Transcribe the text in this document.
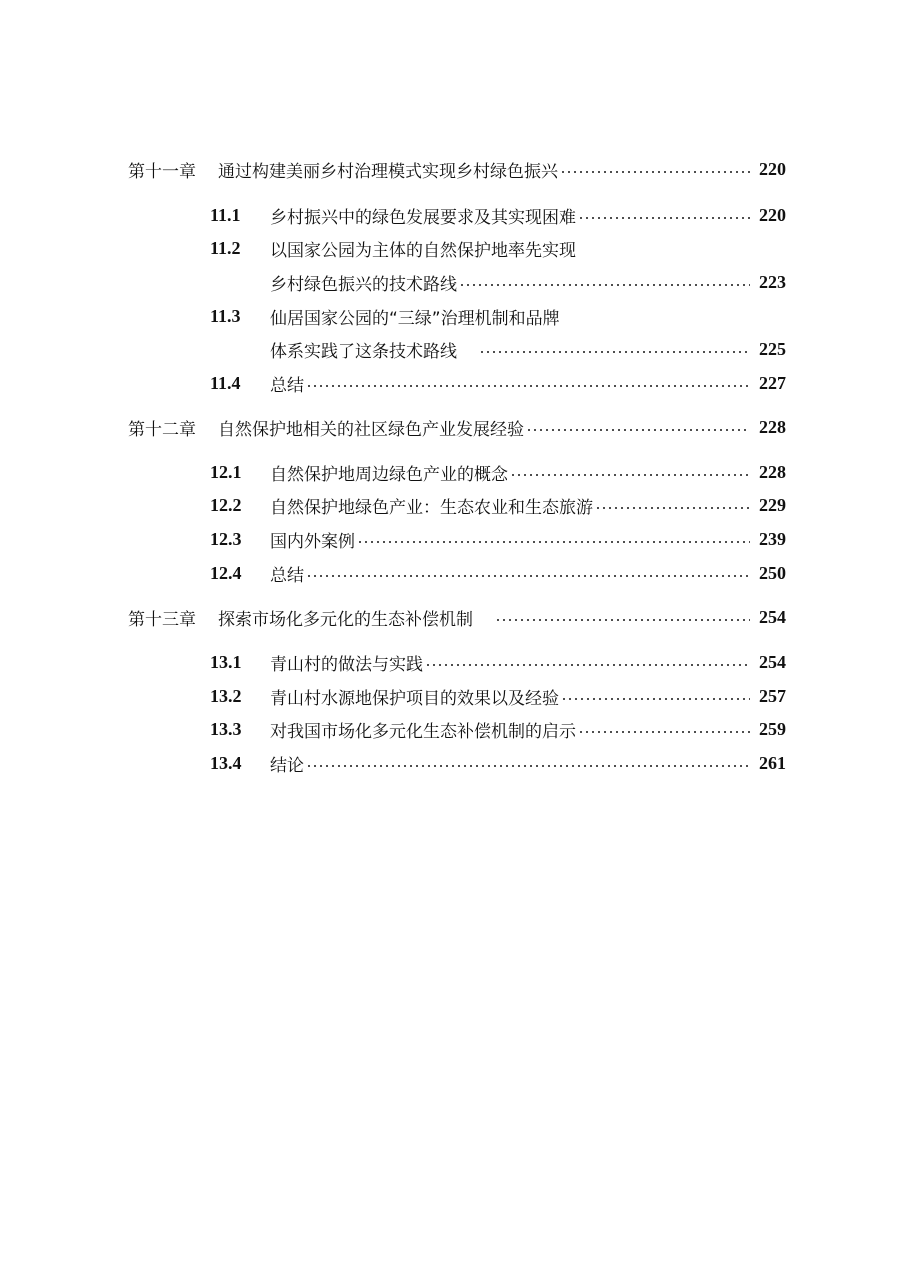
第十一章 通过构建美丽乡村治理模式实现乡村绿色振兴	220
11.1	乡村振兴中的绿色发展要求及其实现困难	220
11.2	以国家公园为主体的自然保护地率先实现
乡村绿色振兴的技术路线	223
11.3	仙居国家公园的“三绿”治理机制和品牌
体系实践了这条技术路线	225
11.4	总结	227
第十二章 自然保护地相关的社区绿色产业发展经验	228
12.1	自然保护地周边绿色产业的概念	228
12.2	自然保护地绿色产业：生态农业和生态旅游	229
12.3	国内外案例	239
12.4	总结	250
第十三章 探索市场化多元化的生态补偿机制	254
13.1	青山村的做法与实践	254
13.2	青山村水源地保护项目的效果以及经验	257
13.3	对我国市场化多元化生态补偿机制的启示	259
13.4	结论	261
